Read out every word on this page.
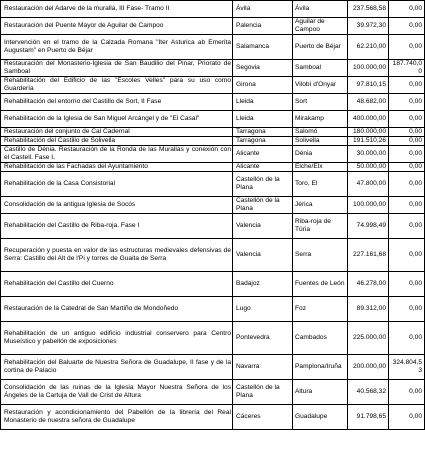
Restauración del Adarve de la muralla, III Fase- Tramo II	Ávila	Ávila	237.568,58	0,00
Restauración del Puente Mayor de Aguilar de Campoo	Palencia	Aguilar de Campoo	39.972,30	0,00
Intervención en el tramo de la Calzada Romana "Iter Asturica ab Emerita Augustam" en Puerto de Béjar	Salamanca	Puerto de Béjar	62.210,00	0,00
Restauración del Monasterio-Iglesia de San Baudilio del Pinar, Priorato de Samboal	Segovia	Samboal	100.000,00	187.740,00
Rehabilitación del Edificio de las "Escoles Velles" para su uso como Guardería	Girona	Vilobí d'Onyar	97.810,15	0,00
Rehabilitación del entorno del Castillo de Sort, II Fase	Lleida	Sort	48.682,00	0,00
Rehabilitación de la Iglesia de San Miguel Arcángel y de "El Casal"	Lleida	Mirakamp	400.000,00	0,00
Restauración del conjunto de Cal Cadernal	Tarragona	Salomó	180.000,00	0,00
Rehabilitación del Castillo de Solivella	Tarragona	Solivella	191.510,26	0,00
Castillo de Dénia. Restauración de la Ronda de las Murallas y conexión con el Castell. Fase I.	Alicante	Dénia	30.000,00	0,00
Rehabilitación de las Fachadas del Ayuntamiento	Alicante	Elche/Elx	50.000,00	0,00
Rehabilitación de la Casa Consistorial	Castellón de la Plana	Toro, El	47.800,00	0,00
Consolidación de la antigua Iglesia de Socós	Castellón de la Plana	Jérica	100.000,00	0,00
Rehabilitación del Castillo de Riba-roja. Fase I	Valencia	Riba-roja de Túria	74.998,49	0,00
Recuperación y puesta en valor de las estructuras medievales defensivas de Serra: Castillo del Alt de l'Pi y torres de Guaita de Serra	Valencia	Serra	227.161,68	0,00
Rehabilitación del Castillo del Cuerno	Badajoz	Fuentes de León	46.278,00	0,00
Restauración de la Catedral de San Martiño de Mondoñedo	Lugo	Foz	89.312,00	0,00
Rehabilitación de un antiguo edificio industrial conservero para Centro Museístico y pabellón de exposiciones	Pontevedra	Cambados	225.000,00	0,00
Rehabilitación del Baluarte de Nuestra Señora de Guadalupe, II fase y de la cortina de Palacio	Navarra	Pamplona/Iruña	200.000,00	324.804,53
Consolidación de las ruinas de la Iglesia Mayor Nuestra Señora de los Ángeles de la Cartuja de Vall de Crist de Altura	Castellón de la Plana	Altura	40.568,32	0,00
Restauración y acondicionamiento del Pabellón de la librería del Real Monasterio de nuestra señora de Guadalupe	Cáceres	Guadalupe	91.798,65	0,00
